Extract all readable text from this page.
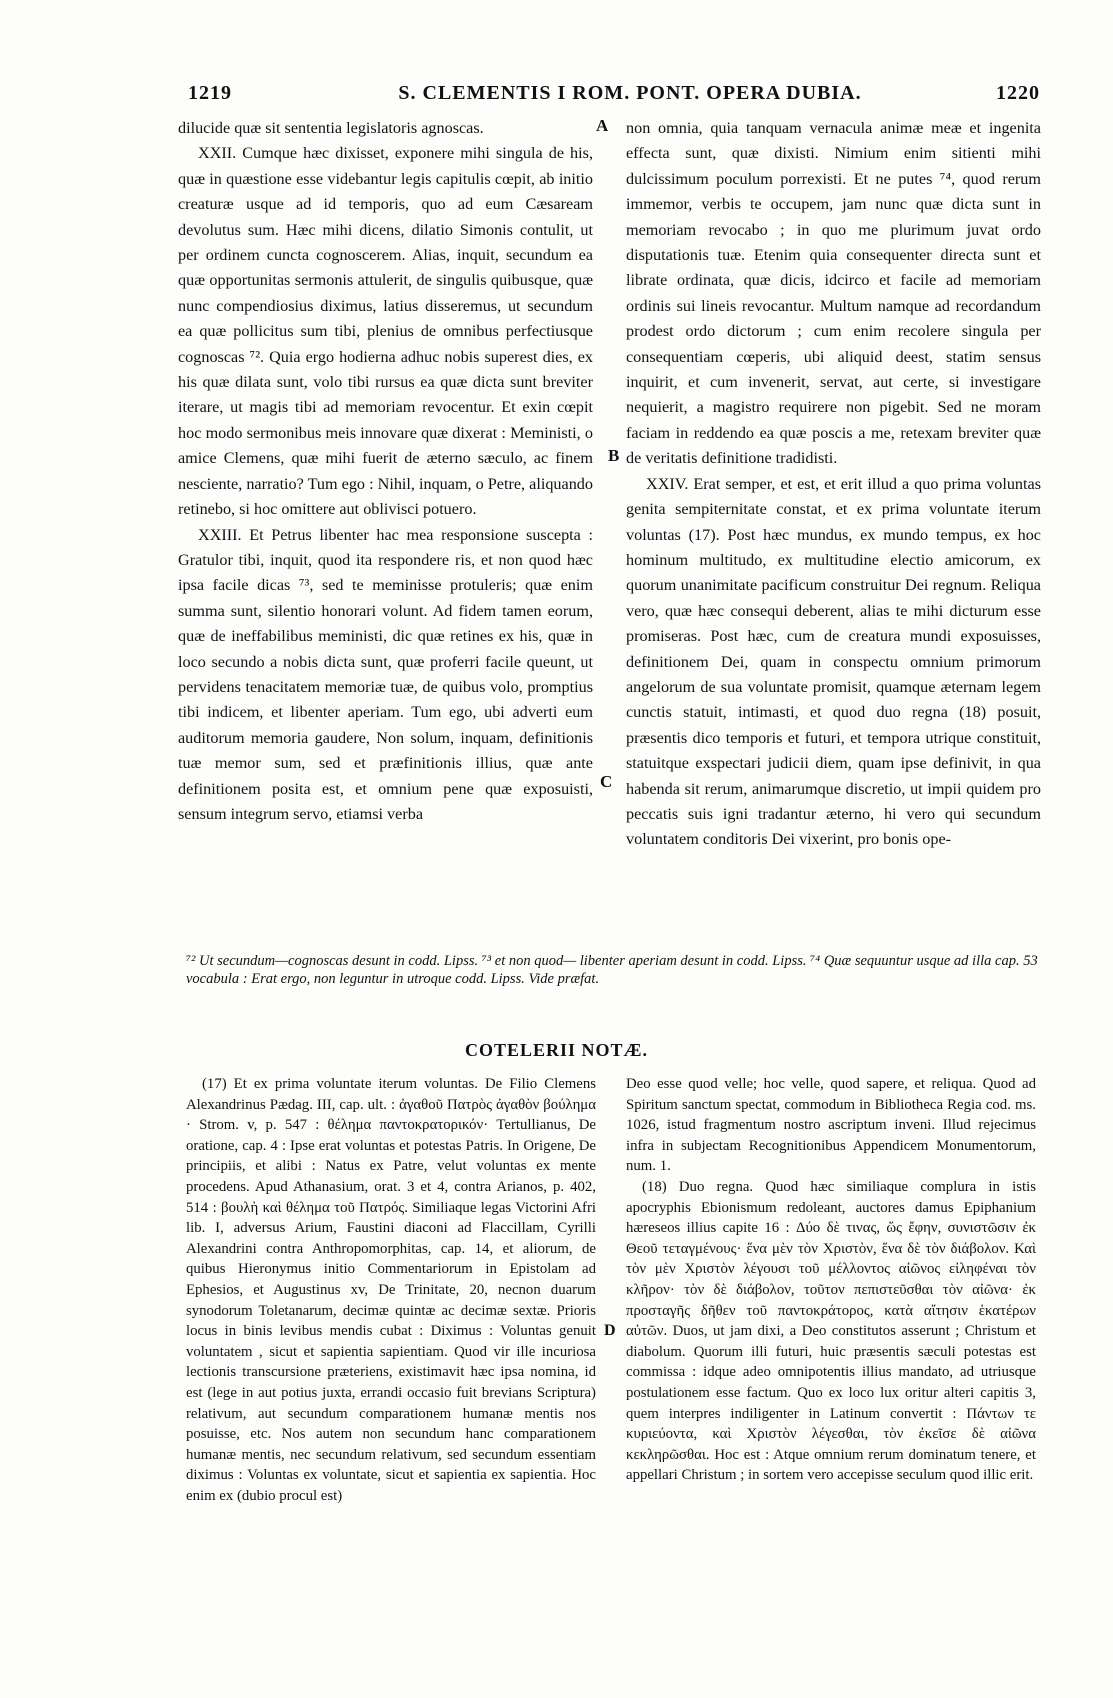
1219	S. CLEMENTIS I ROM. PONT. OPERA DUBIA.	1220

dilucide quæ sit sententia legislatoris agnoscas.

XXII. Cumque hæc dixisset, exponere mihi singula de his, quæ in quæstione esse videbantur legis capitulis cœpit, ab initio creaturæ usque ad id temporis, quo ad eum Cæsaream devolutus sum. Hæc mihi dicens, dilatio Simonis contulit, ut per ordinem cuncta cognoscerem. Alias, inquit, secundum ea quæ opportunitas sermonis attulerit, de singulis quibusque, quæ nunc compendiosius diximus, latius disseremus, ut secundum ea quæ pollicitus sum tibi, plenius de omnibus perfectiusque cognoscas ⁷². Quia ergo hodierna adhuc nobis superest dies, ex his quæ dilata sunt, volo tibi rursus ea quæ dicta sunt breviter iterare, ut magis tibi ad memoriam revocentur. Et exin cœpit hoc modo sermonibus meis innovare quæ dixerat : Meministi, o amice Clemens, quæ mihi fuerit de æterno sæculo, ac finem nesciente, narratio? Tum ego : Nihil, inquam, o Petre, aliquando retinebo, si hoc omittere aut oblivisci potuero.

XXIII. Et Petrus libenter hac mea responsione suscepta : Gratulor tibi, inquit, quod ita respondere ris, et non quod hæc ipsa facile dicas ⁷³, sed te meminisse protuleris; quæ enim summa sunt, silentio honorari volunt. Ad fidem tamen eorum, quæ de ineffabilibus meministi, dic quæ retines ex his, quæ in loco secundo a nobis dicta sunt, quæ proferri facile queunt, ut pervidens tenacitatem memoriæ tuæ, de quibus volo, promptius tibi indicem, et libenter aperiam. Tum ego, ubi adverti eum auditorum memoria gaudere, Non solum, inquam, definitionis tuæ memor sum, sed et præfinitionis illius, quæ ante definitionem posita est, et omnium pene quæ exposuisti, sensum integrum servo, etiamsi verba

non omnia, quia tanquam vernacula animæ meæ et ingenita effecta sunt, quæ dixisti. Nimium enim sitienti mihi dulcissimum poculum porrexisti. Et ne putes ⁷⁴, quod rerum immemor, verbis te occupem, jam nunc quæ dicta sunt in memoriam revocabo ; in quo me plurimum juvat ordo disputationis tuæ. Etenim quia consequenter directa sunt et librate ordinata, quæ dicis, idcirco et facile ad memoriam ordinis sui lineis revocantur. Multum namque ad recordandum prodest ordo dictorum ; cum enim recolere singula per consequentiam cœperis, ubi aliquid deest, statim sensus inquirit, et cum invenerit, servat, aut certe, si investigare nequierit, a magistro requirere non pigebit. Sed ne moram faciam in reddendo ea quæ poscis a me, retexam breviter quæ de veritatis definitione tradidisti.

XXIV. Erat semper, et est, et erit illud a quo prima voluntas genita sempiternitate constat, et ex prima voluntate iterum voluntas (17). Post hæc mundus, ex mundo tempus, ex hoc hominum multitudo, ex multitudine electio amicorum, ex quorum unanimitate pacificum construitur Dei regnum. Reliqua vero, quæ hæc consequi deberent, alias te mihi dicturum esse promiseras. Post hæc, cum de creatura mundi exposuisses, definitionem Dei, quam in conspectu omnium primorum angelorum de sua voluntate promisit, quamque æternam legem cunctis statuit, intimasti, et quod duo regna (18) posuit, præsentis dico temporis et futuri, et tempora utrique constituit, statuitque exspectari judicii diem, quam ipse definivit, in qua habenda sit rerum, animarumque discretio, ut impii quidem pro peccatis suis igni tradantur æterno, hi vero qui secundum voluntatem conditoris Dei vixerint, pro bonis ope-

A
B
C
⁷² Ut secundum—cognoscas desunt in codd. Lipss. ⁷³ et non quod— libenter aperiam desunt in codd. Lipss. ⁷⁴ Quæ sequuntur usque ad illa cap. 53 vocabula : Erat ergo, non leguntur in utroque codd. Lipss. Vide præfat.
COTELERII NOTÆ.

(17) Et ex prima voluntate iterum voluntas. De Filio Clemens Alexandrinus Pædag. III, cap. ult. : ἀγαθοῦ Πατρὸς ἀγαθὸν βούλημα · Strom. v, p. 547 : θέλημα παντοκρατορικόν· Tertullianus, De oratione, cap. 4 : Ipse erat voluntas et potestas Patris. In Origene, De principiis, et alibi : Natus ex Patre, velut voluntas ex mente procedens. Apud Athanasium, orat. 3 et 4, contra Arianos, p. 402, 514 : βουλὴ καὶ θέλημα τοῦ Πατρός. Similiaque legas Victorini Afri lib. I, adversus Arium, Faustini diaconi ad Flaccillam, Cyrilli Alexandrini contra Anthropomorphitas, cap. 14, et aliorum, de quibus Hieronymus initio Commentariorum in Epistolam ad Ephesios, et Augustinus xv, De Trinitate, 20, necnon duarum synodorum Toletanarum, decimæ quintæ ac decimæ sextæ. Prioris locus in binis levibus mendis cubat : Diximus : Voluntas genuit voluntatem , sicut et sapientia sapientiam. Quod vir ille incuriosa lectionis transcursione præteriens, existimavit hæc ipsa nomina, id est (lege in aut potius juxta, errandi occasio fuit brevians Scriptura) relativum, aut secundum comparationem humanæ mentis nos posuisse, etc. Nos autem non secundum hanc comparationem humanæ mentis, nec secundum relativum, sed secundum essentiam diximus : Voluntas ex voluntate, sicut et sapientia ex sapientia. Hoc enim ex (dubio procul est)

Deo esse quod velle; hoc velle, quod sapere, et reliqua. Quod ad Spiritum sanctum spectat, commodum in Bibliotheca Regia cod. ms. 1026, istud fragmentum nostro ascriptum inveni. Illud rejecimus infra in subjectam Recognitionibus Appendicem Monumentorum, num. 1.

(18) Duo regna. Quod hæc similiaque complura in istis apocryphis Ebionismum redoleant, auctores damus Epiphanium hæreseos illius capite 16 : Δύο δὲ τινας, ὥς ἔφην, συνιστῶσιν ἐκ Θεοῦ τεταγμένους· ἕνα μὲν τὸν Χριστὸν, ἕνα δὲ τὸν διάβολον. Καὶ τὸν μὲν Χριστὸν λέγουσι τοῦ μέλλοντος αἰῶνος εἰληφέναι τὸν κλῆρον· τὸν δὲ διάβολον, τοῦτον πεπιστεῦσθαι τὸν αἰῶνα· ἐκ προσταγῆς δῆθεν τοῦ παντοκράτορος, κατὰ αἴτησιν ἑκατέρων αὐτῶν. Duos, ut jam dixi, a Deo constitutos asserunt ; Christum et diabolum. Quorum illi futuri, huic præsentis sæculi potestas est commissa : idque adeo omnipotentis illius mandato, ad utriusque postulationem esse factum. Quo ex loco lux oritur alteri capitis 3, quem interpres indiligenter in Latinum convertit : Πάντων τε κυριεύοντα, καὶ Χριστὸν λέγεσθαι, τὸν ἐκεῖσε δὲ αἰῶνα κεκληρῶσθαι. Hoc est : Atque omnium rerum dominatum tenere, et appellari Christum ; in sortem vero accepisse seculum quod illic erit.

D
